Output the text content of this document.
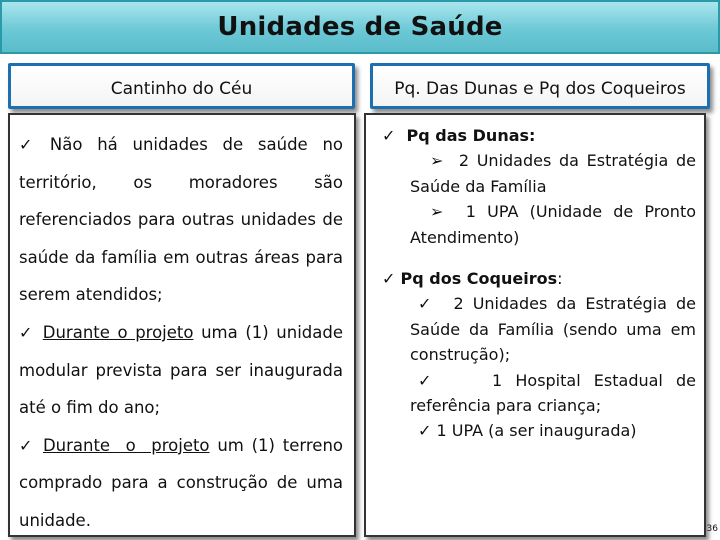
Unidades de Saúde
Cantinho do Céu	Pq. Das Dunas e Pq dos Coqueiros

✓ Não há unidades de saúde no território, os moradores são referenciados para outras unidades de saúde da família em outras áreas para serem atendidos;

✓ Durante o projeto uma (1) unidade modular prevista para ser inaugurada até o fim do ano;

✓ Durante  o  projeto um (1) terreno comprado para a construção de uma unidade.

✓ Pq das Dunas:

➢ 2 Unidades da Estratégia de Saúde da Família

➢ 1 UPA (Unidade de Pronto Atendimento)

✓ Pq dos Coqueiros:

✓ 2 Unidades da Estratégia de Saúde da Família (sendo uma em construção);

✓	1 Hospital Estadual de referência para criança;

✓ 1 UPA (a ser inaugurada)

36
